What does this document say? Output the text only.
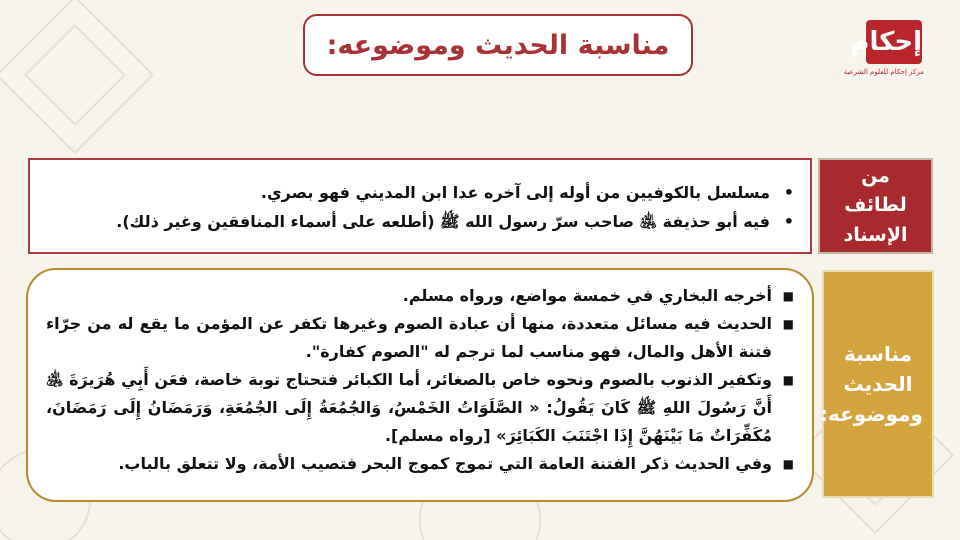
مناسبة الحديث وموضوعه:	إحكام
مركز إحكام للعلوم الشرعية
•
مسلسل بالكوفيين من أوله إلى آخره عدا ابن المديني فهو بصري.
•
فيه أبو حذيفة ﵁ صاحب سرّ رسول الله ﷺ (أطلعه على أسماء المنافقين وغير ذلك).
من لطائف الإسناد
■
أخرجه البخاري في خمسة مواضع، ورواه مسلم.
■
الحديث فيه مسائل متعددة، منها أن عبادة الصوم وغيرها تكفر عن المؤمن ما يقع له من جرّاء فتنة الأهل والمال، فهو مناسب لما ترجم له "الصوم كفارة".
■
وتكفير الذنوب بالصوم ونحوه خاص بالصغائر، أما الكبائر فتحتاج توبة خاصة، فعَن أَبِي هُرَيرَةَ ﵁ أَنَّ رَسُولَ اللهِ ﷺ كَانَ يَقُولُ: « الصَّلَوَاتُ الخَمْسُ، وَالجُمُعَةُ إِلَى الجُمُعَةِ، وَرَمَضَانُ إِلَى رَمَضَانَ، مُكَفِّرَاتٌ مَا بَيْنَهُنَّ إِذَا اجْتَنَبَ الكَبَائِرَ» [رواه مسلم].
■
وفي الحديث ذكر الفتنة العامة التي تموج كموج البحر فتصيب الأمة، ولا تتعلق بالباب.
مناسبة الحديث وموضوعه:
